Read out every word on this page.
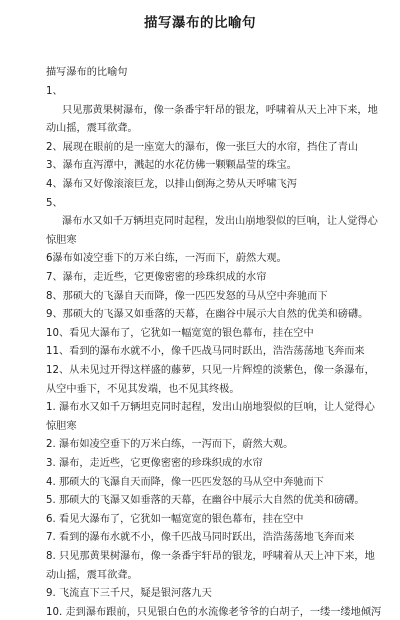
描写瀑布的比喻句
描写瀑布的比喻句
1、
只见那黄果树瀑布，像一条番宇轩昂的银龙，呼啸着从天上冲下来，地
动山摇，震耳欲聋。
2、展现在眼前的是一座宽大的瀑布，像一张巨大的水帘，挡住了青山
3、瀑布直泻潭中，溅起的水花仿佛一颗颗晶莹的珠宝。
4、瀑布又好像滚滚巨龙，以排山倒海之势从天呼啸飞泻
5、
瀑布水又如千万辆坦克同时起程，发出山崩地裂似的巨响，让人觉得心
惊胆寒
6瀑布如凌空垂下的万米白练，一泻而下，蔚然大观。
7、瀑布，走近些，它更像密密的珍珠织成的水帘
8、那硕大的飞瀑自天而降，像一匹匹发怒的马从空中奔驰而下
9、那硕大的飞瀑又如垂落的天幕，在幽谷中展示大自然的优美和磅礴。
10、看见大瀑布了，它犹如一幅宽宽的银色幕布，挂在空中
11、看到的瀑布水就不小，像千匹战马同时跃出，浩浩荡荡地飞奔而来
12、从未见过开得这样盛的藤萝，只见一片辉煌的淡紫色，像一条瀑布，
从空中垂下，不见其发端，也不见其终极。
1. 瀑布水又如千万辆坦克同时起程，发出山崩地裂似的巨响，让人觉得心
惊胆寒
2. 瀑布如凌空垂下的万米白练，一泻而下，蔚然大观。
3. 瀑布，走近些，它更像密密的珍珠织成的水帘
4. 那硕大的飞瀑自天而降，像一匹匹发怒的马从空中奔驰而下
5. 那硕大的飞瀑又如垂落的天幕，在幽谷中展示大自然的优美和磅礴。
6. 看见大瀑布了，它犹如一幅宽宽的银色幕布，挂在空中
7. 看到的瀑布水就不小，像千匹战马同时跃出，浩浩荡荡地飞奔而来
8. 只见那黄果树瀑布，像一条番宇轩昂的银龙，呼啸着从天上冲下来，地
动山摇，震耳欲聋。
9. 飞流直下三千尺，疑是银河落九天
10. 走到瀑布跟前，只见银白色的水流像老爷爷的白胡子，一缕一缕地倾泻
